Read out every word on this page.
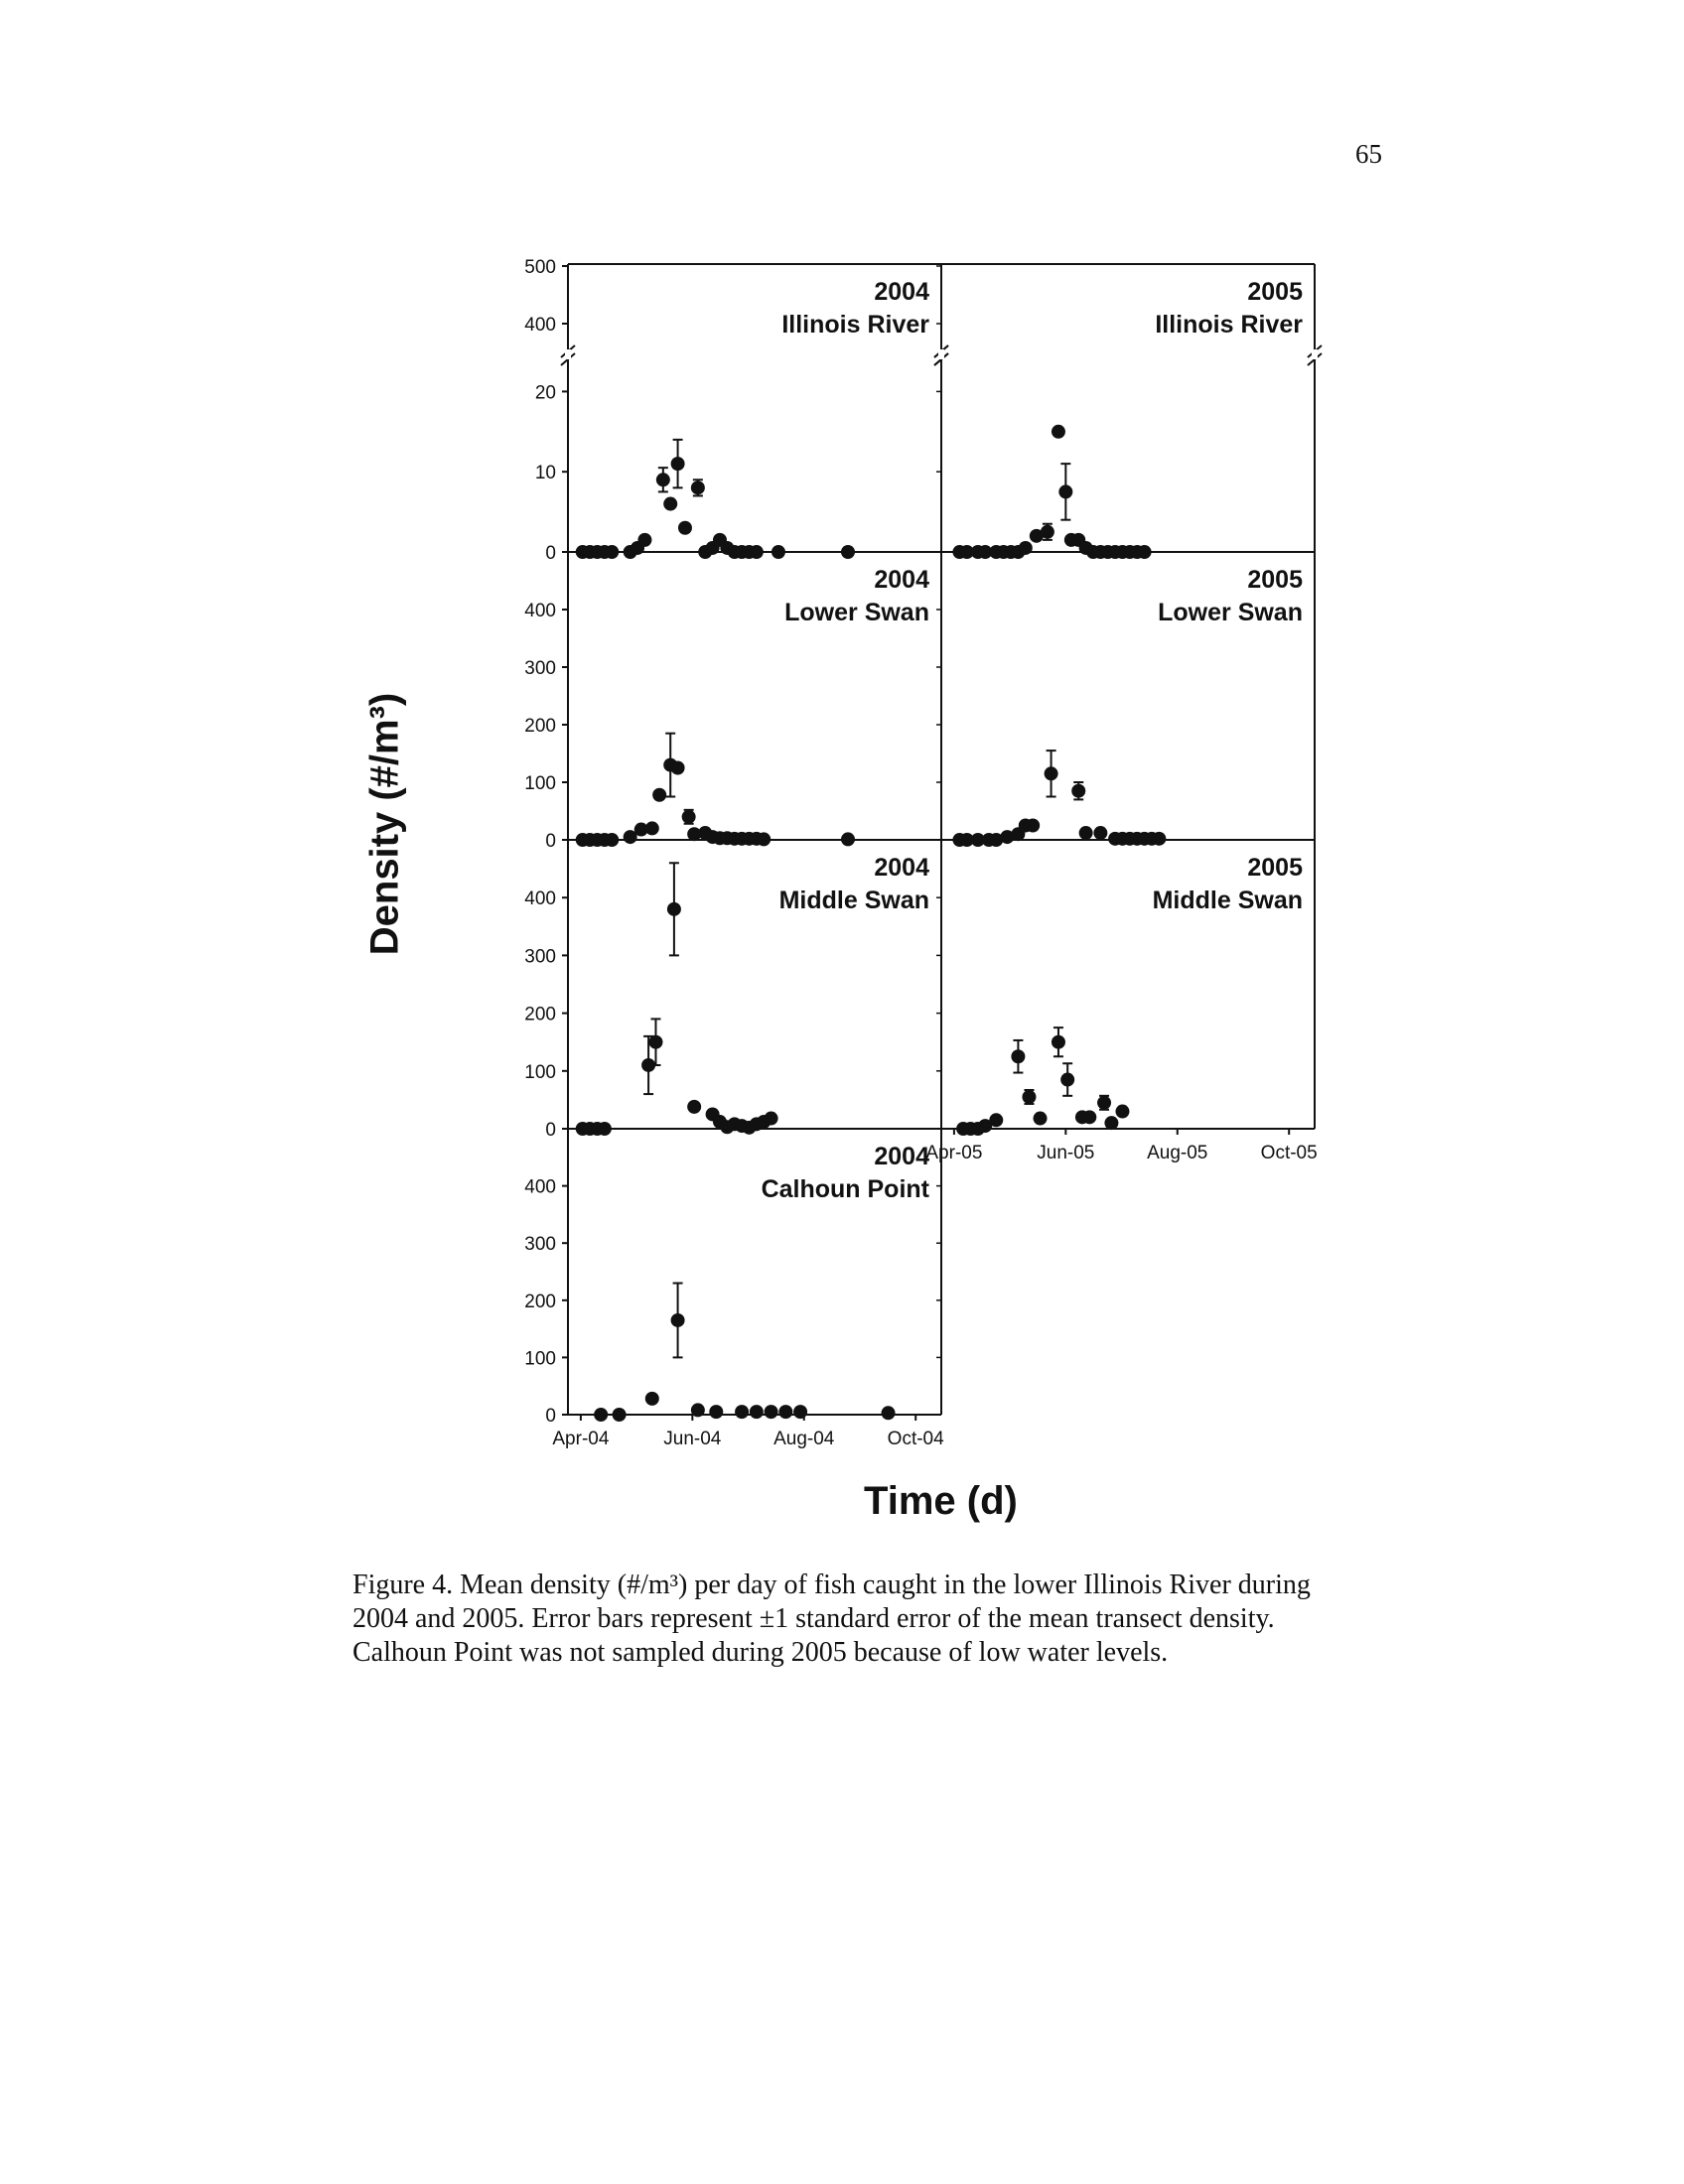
65
0
10
20
400
500
2004
Illinois River
2005
Illinois River
0
100
200
300
400
2004
Lower Swan
2005
Lower Swan
0
100
200
300
400
2004
Middle Swan
Apr-05	Jun-05	Aug-05	Oct-05
2005
Middle Swan
0
100
200
300
400
Apr-04	Jun-04	Aug-04	Oct-04
2004
Calhoun Point
Density (#/m³)
Time (d)
Figure 4. Mean density (#/m³) per day of fish caught in the lower Illinois River during
2004 and 2005. Error bars represent ±1 standard error of the mean transect density.
Calhoun Point was not sampled during 2005 because of low water levels.
